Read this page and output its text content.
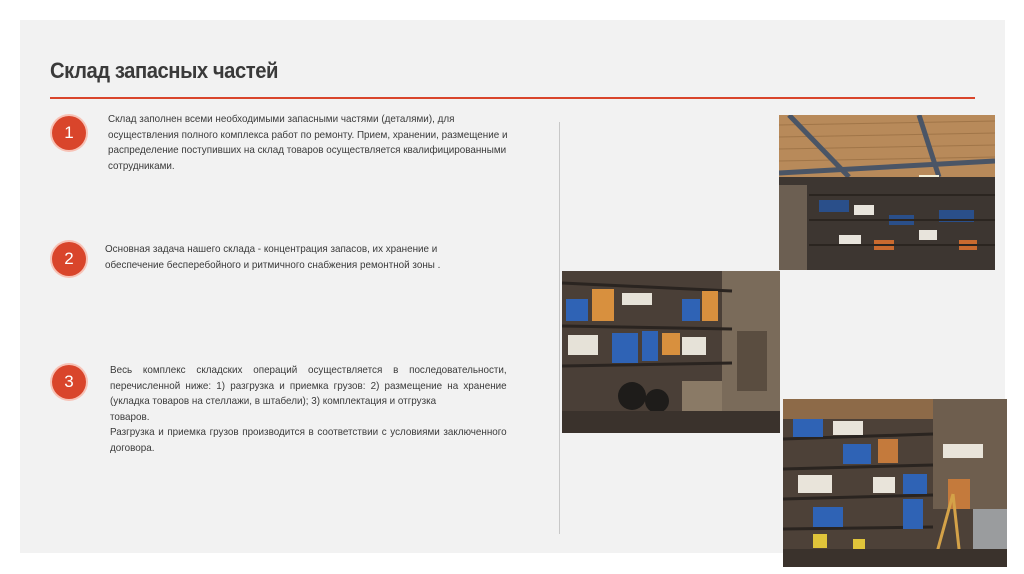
Склад запасных частей
1
Склад заполнен всеми необходимыми запасными частями (деталями), для осуществления полного комплекса работ по ремонту. Прием, хранении, размещение и распределение поступивших на склад товаров осуществляется квалифицированными сотрудниками.
2	Основная задача нашего склада - концентрация запасов, их хранение и обеспечение бесперебойного и ритмичного снабжения ремонтной зоны .
3
Весь комплекс складских операций осуществляется в последовательности, перечисленной ниже: 1) разгрузка и приемка грузов: 2) размещение на хранение (укладка товаров на стеллажи, в штабели); 3) комплектация и отгрузка
товаров.
Разгрузка и приемка грузов производится в соответствии с условиями заключенного договора.
